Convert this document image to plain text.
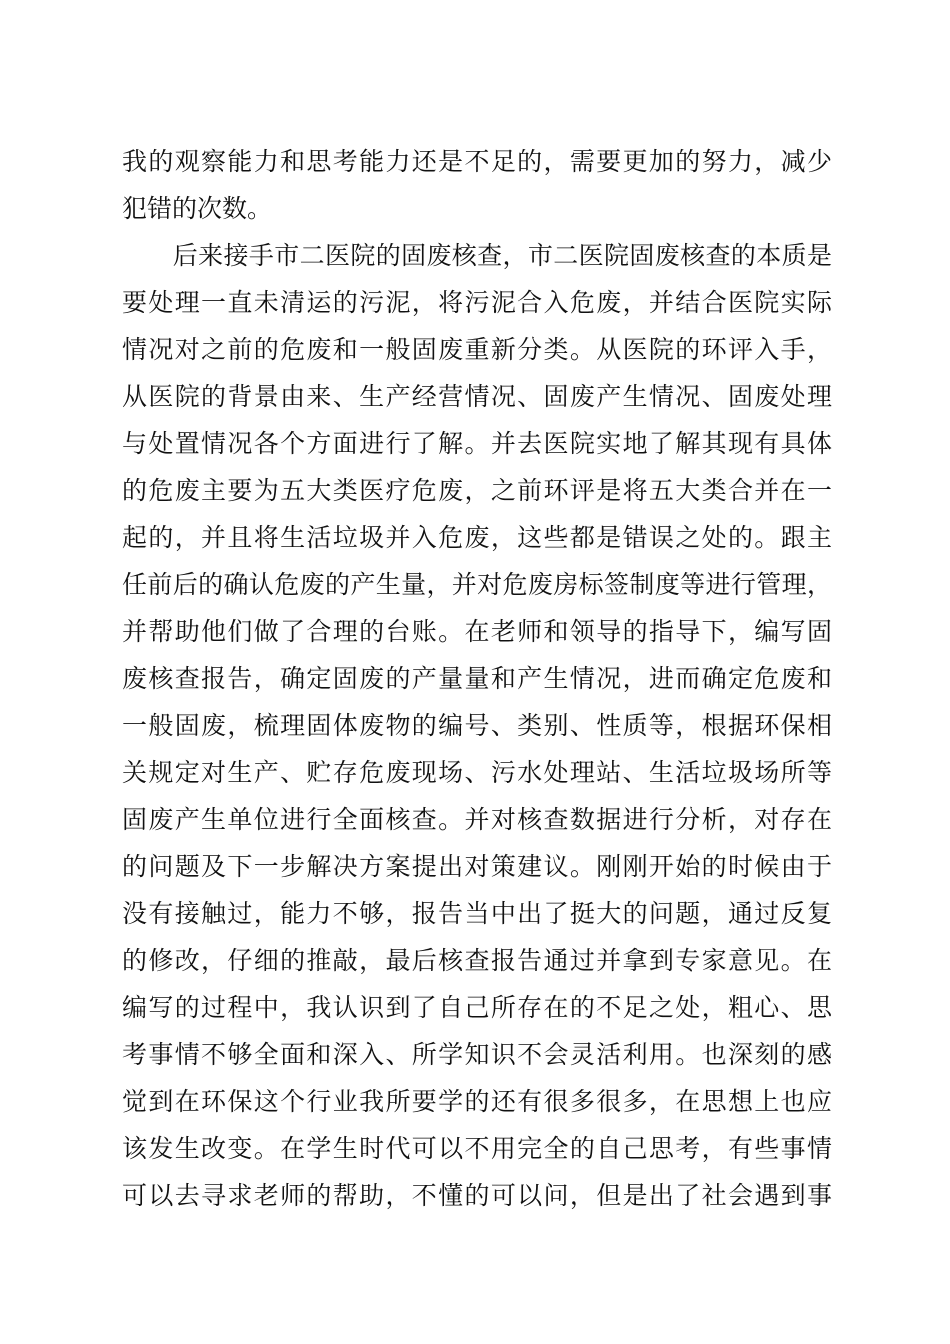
我的观察能力和思考能力还是不足的，需要更加的努力，减少
犯错的次数。
　　后来接手市二医院的固废核查，市二医院固废核查的本质是
要处理一直未清运的污泥，将污泥合入危废，并结合医院实际
情况对之前的危废和一般固废重新分类。从医院的环评入手，
从医院的背景由来、生产经营情况、固废产生情况、固废处理
与处置情况各个方面进行了解。并去医院实地了解其现有具体
的危废主要为五大类医疗危废，之前环评是将五大类合并在一
起的，并且将生活垃圾并入危废，这些都是错误之处的。跟主
任前后的确认危废的产生量，并对危废房标签制度等进行管理，
并帮助他们做了合理的台账。在老师和领导的指导下，编写固
废核查报告，确定固废的产量量和产生情况，进而确定危废和
一般固废，梳理固体废物的编号、类别、性质等，根据环保相
关规定对生产、贮存危废现场、污水处理站、生活垃圾场所等
固废产生单位进行全面核查。并对核查数据进行分析，对存在
的问题及下一步解决方案提出对策建议。刚刚开始的时候由于
没有接触过，能力不够，报告当中出了挺大的问题，通过反复
的修改，仔细的推敲，最后核查报告通过并拿到专家意见。在
编写的过程中，我认识到了自己所存在的不足之处，粗心、思
考事情不够全面和深入、所学知识不会灵活利用。也深刻的感
觉到在环保这个行业我所要学的还有很多很多，在思想上也应
该发生改变。在学生时代可以不用完全的自己思考，有些事情
可以去寻求老师的帮助，不懂的可以问，但是出了社会遇到事
